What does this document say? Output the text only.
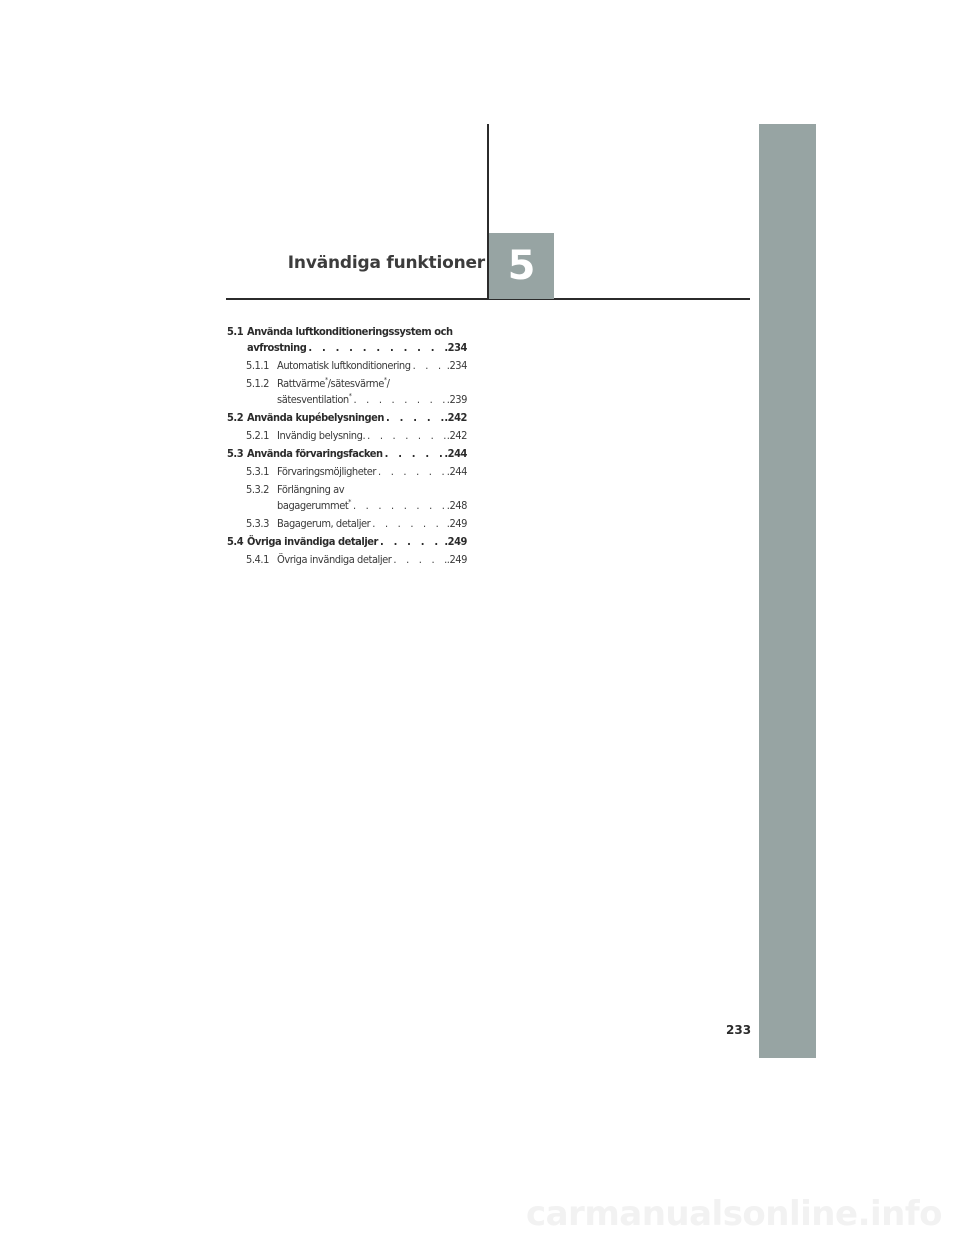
Invändiga funktioner 5
5.1 Använda luftkonditioneringssystem och
avfrostning . . .	.234
5.1.1 Automatisk luftkonditionering . . .	.234
5.1.2 Rattvärme*/sätesvärme*/
sätesventilation* . . .	.239
5.2 Använda kupébelysningen . . .	.242
5.2.1 Invändig belysning. . . .	.242
5.3 Använda förvaringsfacken . . .	.244
5.3.1 Förvaringsmöjligheter . . .	.244
5.3.2 Förlängning av
bagagerummet* . . .	.248
5.3.3 Bagagerum, detaljer . . .	.249
5.4 Övriga invändiga detaljer . . .	.249
5.4.1 Övriga invändiga detaljer . . .	.249

233

carmanualsonline.info
